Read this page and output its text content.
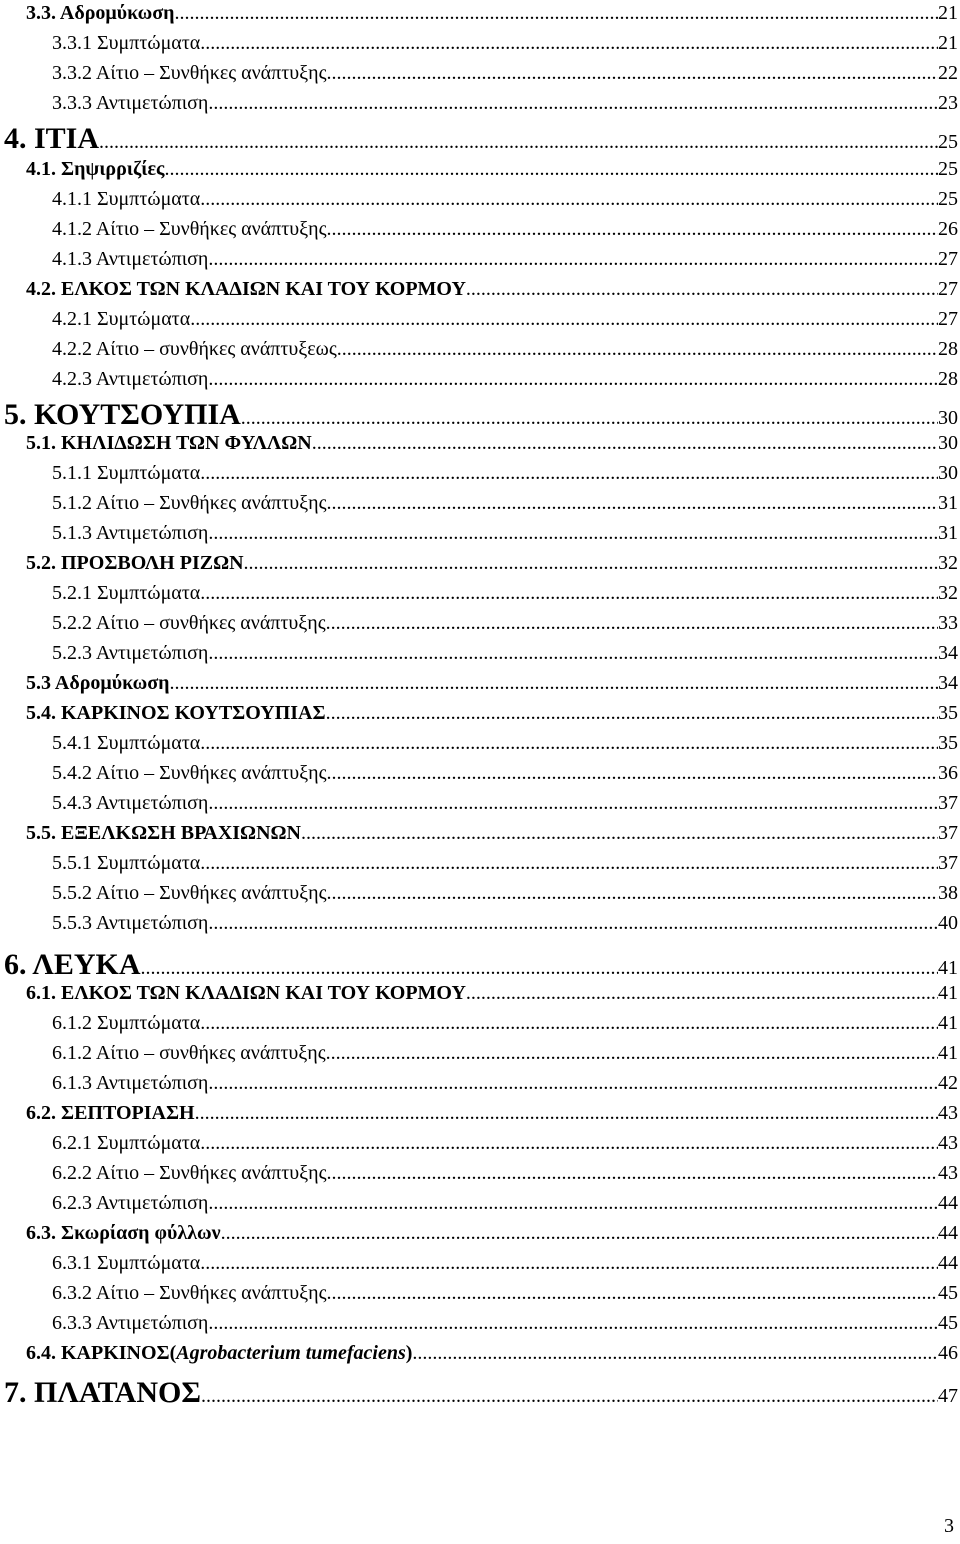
3.3. Αδρομύκωση .....	21
3.3.1 Συμπτώματα .....	21
3.3.2 Αίτιο – Συνθήκες ανάπτυξης .....	22
3.3.3 Αντιμετώπιση .....	23
4. ΙΤΙΑ .....	25
4.1. Σηψιρριζίες .....	25
4.1.1 Συμπτώματα .....	25
4.1.2 Αίτιο – Συνθήκες ανάπτυξης .....	26
4.1.3 Αντιμετώπιση .....	27
4.2. ΕΛΚΟΣ ΤΩΝ ΚΛΑΔΙΩΝ ΚΑΙ ΤΟΥ ΚΟΡΜΟΥ .....	27
4.2.1 Συμτώματα .....	27
4.2.2 Αίτιο – συνθήκες ανάπτυξεως .....	28
4.2.3 Αντιμετώπιση .....	28
5. ΚΟΥΤΣΟΥΠΙΑ .....	30
5.1. ΚΗΛΙΔΩΣΗ ΤΩΝ ΦΥΛΛΩΝ .....	30
5.1.1 Συμπτώματα .....	30
5.1.2 Αίτιο – Συνθήκες ανάπτυξης .....	31
5.1.3 Αντιμετώπιση .....	31
5.2. ΠΡΟΣΒΟΛΗ ΡΙΖΩΝ .....	32
5.2.1 Συμπτώματα .....	32
5.2.2 Αίτιο – συνθήκες ανάπτυξης .....	33
5.2.3 Αντιμετώπιση .....	34
5.3 Αδρομύκωση .....	34
5.4. ΚΑΡΚΙΝΟΣ ΚΟΥΤΣΟΥΠΙΑΣ .....	35
5.4.1 Συμπτώματα .....	35
5.4.2 Αίτιο – Συνθήκες ανάπτυξης .....	36
5.4.3 Αντιμετώπιση .....	37
5.5. ΕΞΕΛΚΩΣΗ ΒΡΑΧΙΩΝΩΝ .....	37
5.5.1 Συμπτώματα .....	37
5.5.2 Αίτιο – Συνθήκες ανάπτυξης .....	38
5.5.3 Αντιμετώπιση .....	40
6. ΛΕΥΚΑ .....	41
6.1. ΕΛΚΟΣ ΤΩΝ ΚΛΑΔΙΩΝ ΚΑΙ ΤΟΥ ΚΟΡΜΟΥ .....	41
6.1.2 Συμπτώματα .....	41
6.1.2 Αίτιο – συνθήκες ανάπτυξης .....	41
6.1.3 Αντιμετώπιση .....	42
6.2. ΣΕΠΤΟΡΙΑΣΗ .....	43
6.2.1 Συμπτώματα .....	43
6.2.2 Αίτιο – Συνθήκες ανάπτυξης .....	43
6.2.3 Αντιμετώπιση .....	44
6.3. Σκωρίαση φύλλων .....	44
6.3.1 Συμπτώματα .....	44
6.3.2 Αίτιο – Συνθήκες ανάπτυξης .....	45
6.3.3 Αντιμετώπιση .....	45
6.4. ΚΑΡΚΙΝΟΣ(Agrobacterium tumefaciens) .....	46
7. ΠΛΑΤΑΝΟΣ .....	47
3
